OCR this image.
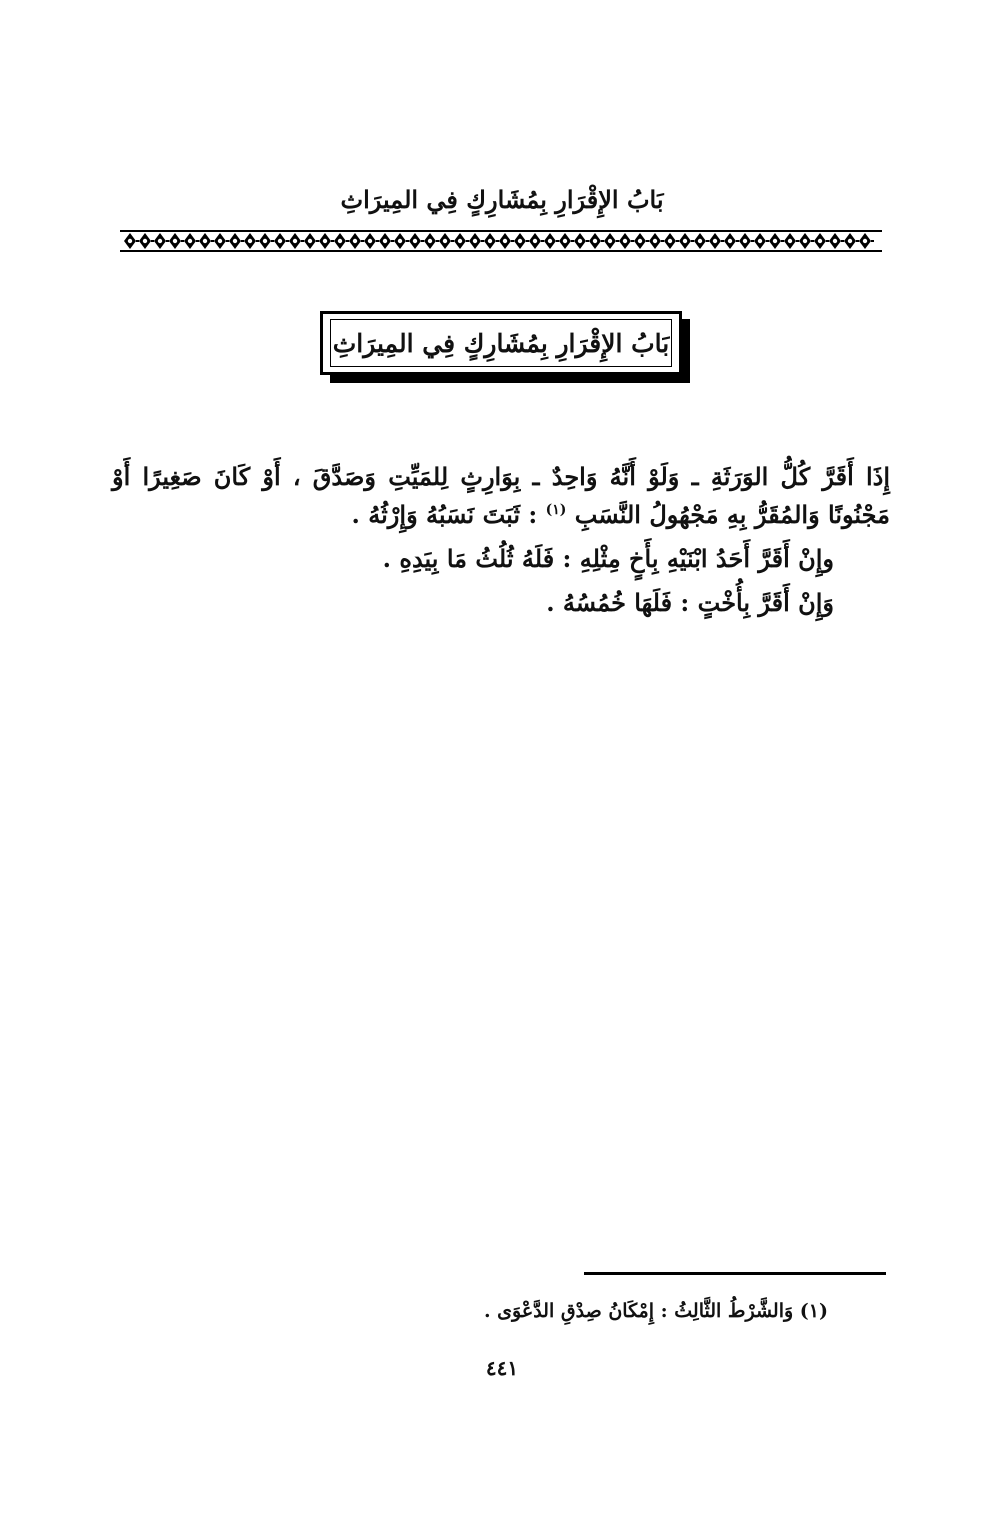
بَابُ الإِقْرَارِ بِمُشَارِكٍ فِي المِيرَاثِ
بَابُ الإِقْرَارِ بِمُشَارِكٍ فِي المِيرَاثِ

إِذَا أَقَرَّ كُلُّ الوَرَثَةِ ـ وَلَوْ أَنَّهُ وَاحِدٌ ـ بِوَارِثٍ لِلمَيِّتِ وَصَدَّقَ ، أَوْ كَانَ صَغِيرًا أَوْ مَجْنُونًا وَالمُقَرُّ بِهِ مَجْهُولُ النَّسَبِ $^{(١)}$ : ثَبَتَ نَسَبُهُ وَإِرْثُهُ .

وإِنْ أَقَرَّ أَحَدُ ابْنَيْهِ بِأَخٍ مِثْلِهِ : فَلَهُ ثُلُثُ مَا بِيَدِهِ .

وَإِنْ أَقَرَّ بِأُخْتٍ : فَلَهَا خُمُسُهُ .

(١) وَالشَّرْطُ الثَّالِثُ : إِمْكَانُ صِدْقِ الدَّعْوَى .
٤٤١
